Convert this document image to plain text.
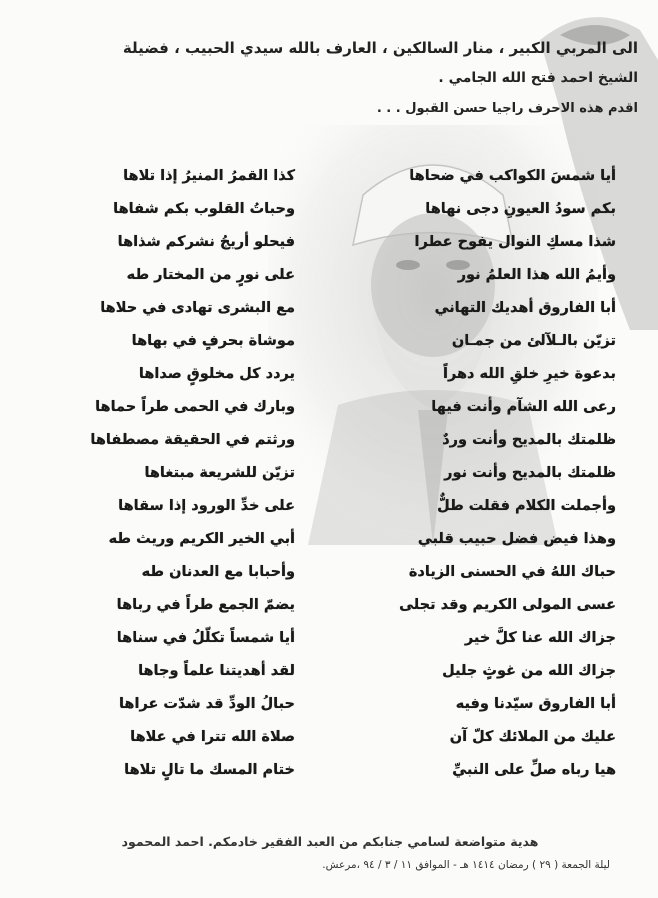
الى المربي الكبير ، منار السالكين ، العارف بالله سيدي الحبيب ، فضيلة
الشيخ احمد فتح الله الجامي .
اقدم هذه الاحرف راجيا حسن القبول . . .
أيا شمسَ الكواكب في ضحاها
كذا القمرُ المنيرُ إذا تلاها
بكم سودُ العيونِ دجى نهاها
وحباتُ القلوب بكم شفاها
شذا مسكِ النوال يفوح عطرا
فيحلو أريجُ نشركم شذاها
وأيمُ الله هذا العلمُ نور
على نورٍ من المختار طه
أبا الفاروق أهديك التهاني
مع البشرى تهادى في حلاها
تزيّن بالـلآلئ من جمـان
موشاة بحرفٍ في بهاها
بدعوة خيرِ خلقِ الله دهراً
يردد كل مخلوقٍ صداها
رعى الله الشآم وأنت فيها
وبارك في الحمى طراً حماها
ظلمتك بالمديح وأنت وردٌ
ورثتم في الحقيقة مصطفاها
ظلمتك بالمديح وأنت نور
تزيّن للشريعة مبتغاها
وأجملت الكلام فقلت طلٌّ
على خدِّ الورود إذا سقاها
وهذا فيض فضل حبيب قلبي
أبي الخير الكريم وريث طه
حباك اللهُ في الحسنى الزيادة
وأحبابا مع العدنان طه
عسى المولى الكريم وقد تجلى
يضمّ الجمع طراً في رباها
جزاك الله عنا كلَّ خير
أيا شمساً تكلّلُ في سناها
جزاك الله من غوثٍ جليل
لقد أهديتنا علماً وجاها
أبا الفاروق سيّدنا وفيه
حبالُ الودِّ قد شدّت عراها
عليك من الملائك كلّ آن
صلاة الله تترا في علاها
هيا رباه صلِّ على النبيِّ
ختام المسك ما تالٍ تلاها
هدية متواضعة لسامي جنابكم من العبد الفقير خادمكم. احمد المحمود
ليلة الجمعة ( ٢٩ ) رمضان ١٤١٤ هـ - الموافق ١١ / ٣ / ٩٤ ،مرعش.
